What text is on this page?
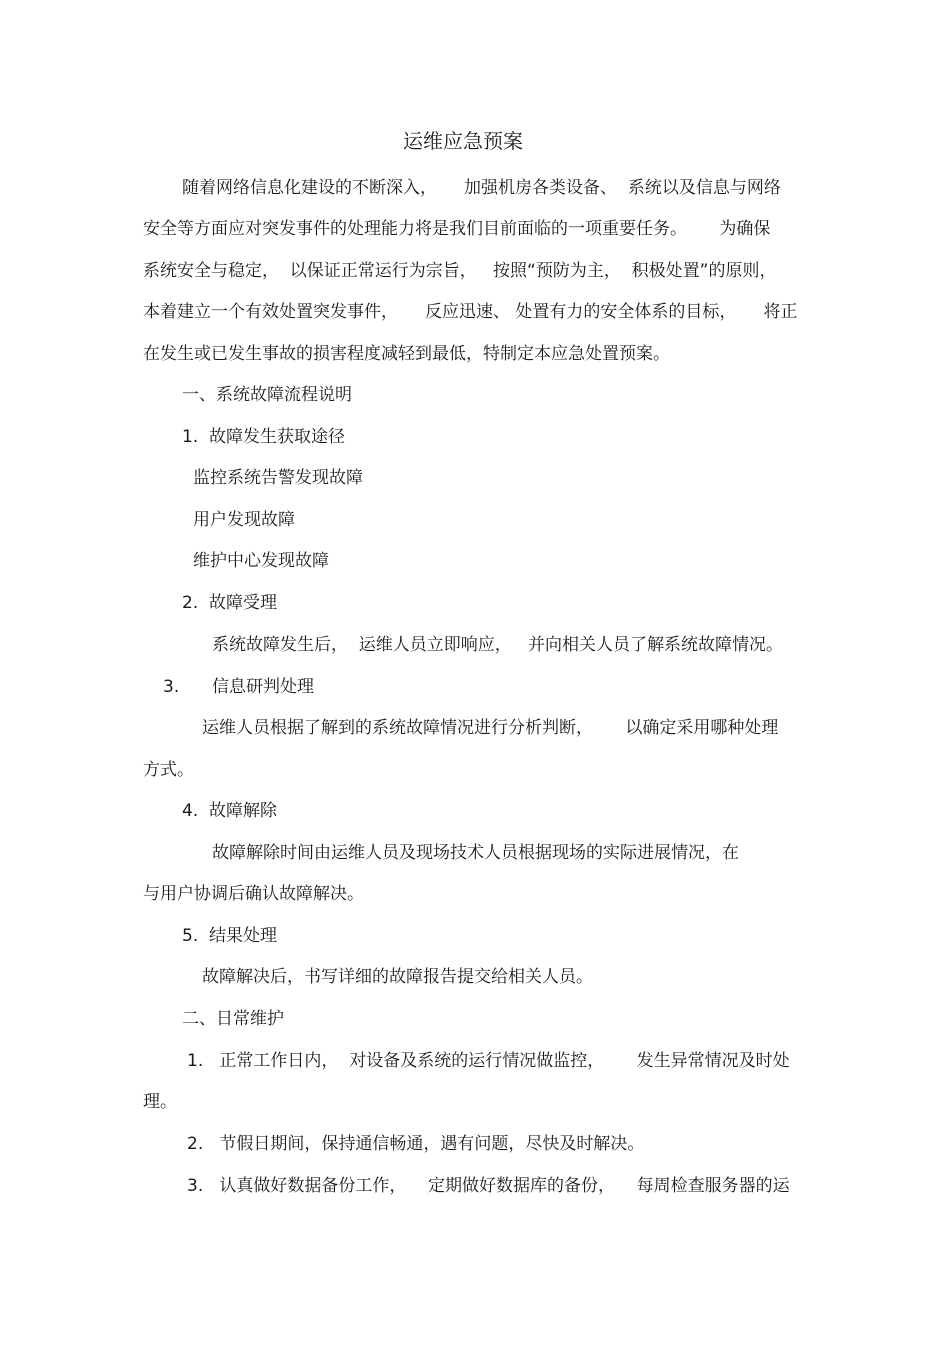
运维应急预案
随着网络信息化建设的不断深入，     加强机房各类设备、  系统以及信息与网络
安全等方面应对突发事件的处理能力将是我们目前面临的一项重要任务。      为确保
系统安全与稳定，  以保证正常运行为宗旨，   按照“预防为主，  积极处置”的原则，
本着建立一个有效处置突发事件，     反应迅速、 处置有力的安全体系的目标，     将正
在发生或已发生事故的损害程度减轻到最低，特制定本应急处置预案。
一、系统故障流程说明
1.  故障发生获取途径
监控系统告警发现故障
用户发现故障
维护中心发现故障
2.  故障受理
系统故障发生后，  运维人员立即响应，   并向相关人员了解系统故障情况。
3. 信息研判处理
运维人员根据了解到的系统故障情况进行分析判断，      以确定采用哪种处理
方式。
4.  故障解除
故障解除时间由运维人员及现场技术人员根据现场的实际进展情况，在
与用户协调后确认故障解决。
5.  结果处理
故障解决后，书写详细的故障报告提交给相关人员。
二、日常维护
1.   正常工作日内，  对设备及系统的运行情况做监控，      发生异常情况及时处
理。
2.   节假日期间，保持通信畅通，遇有问题，尽快及时解决。
3.   认真做好数据备份工作，    定期做好数据库的备份，    每周检查服务器的运
